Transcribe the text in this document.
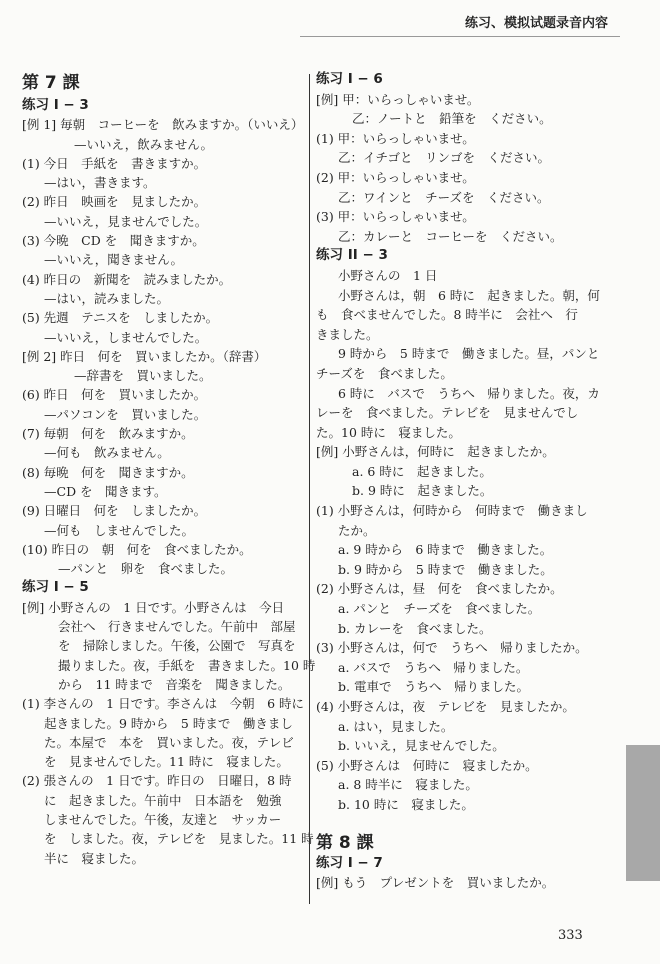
练习、模拟试题录音内容
第 7 課
练习 I − 3
[例 1] 毎朝　コーヒーを　飲みますか。（いいえ）
—いいえ，飲みません。
(1) 今日　手紙を　書きますか。
—はい，書きます。
(2) 昨日　映画を　見ましたか。
—いいえ，見ませんでした。
(3) 今晩　CD を　聞きますか。
—いいえ，聞きません。
(4) 昨日の　新聞を　読みましたか。
—はい，読みました。
(5) 先週　テニスを　しましたか。
—いいえ，しませんでした。
[例 2] 昨日　何を　買いましたか。（辞書）
—辞書を　買いました。
(6) 昨日　何を　買いましたか。
—パソコンを　買いました。
(7) 毎朝　何を　飲みますか。
—何も　飲みません。
(8) 毎晩　何を　聞きますか。
—CD を　聞きます。
(9) 日曜日　何を　しましたか。
—何も　しませんでした。
(10) 昨日の　朝　何を　食べましたか。
—パンと　卵を　食べました。
练习 I − 5
[例] 小野さんの　1 日です。小野さんは　今日
会社へ　行きませんでした。午前中　部屋
を　掃除しました。午後，公園で　写真を
撮りました。夜，手紙を　書きました。10 時
から　11 時まで　音楽を　聞きました。
(1) 李さんの　1 日です。李さんは　今朝　6 時に
起きました。9 時から　5 時まで　働きまし
た。本屋で　本を　買いました。夜，テレビ
を　見ませんでした。11 時に　寝ました。
(2) 張さんの　1 日です。昨日の　日曜日，8 時
に　起きました。午前中　日本語を　勉強
しませんでした。午後，友達と　サッカー
を　しました。夜，テレビを　見ました。11 時
半に　寝ました。
练习 I − 6
[例] 甲：いらっしゃいませ。
乙：ノートと　鉛筆を　ください。
(1) 甲：いらっしゃいませ。
乙：イチゴと　リンゴを　ください。
(2) 甲：いらっしゃいませ。
乙：ワインと　チーズを　ください。
(3) 甲：いらっしゃいませ。
乙：カレーと　コーヒーを　ください。
练习 II − 3
小野さんの　1 日
小野さんは，朝　6 時に　起きました。朝，何
も　食べませんでした。8 時半に　会社へ　行
きました。
9 時から　5 時まで　働きました。昼，パンと
チーズを　食べました。
6 時に　バスで　うちへ　帰りました。夜，カ
レーを　食べました。テレビを　見ませんでし
た。10 時に　寝ました。
[例] 小野さんは，何時に　起きましたか。
a. 6 時に　起きました。
b. 9 時に　起きました。
(1) 小野さんは，何時から　何時まで　働きまし
たか。
a. 9 時から　6 時まで　働きました。
b. 9 時から　5 時まで　働きました。
(2) 小野さんは，昼　何を　食べましたか。
a. パンと　チーズを　食べました。
b. カレーを　食べました。
(3) 小野さんは，何で　うちへ　帰りましたか。
a. バスで　うちへ　帰りました。
b. 電車で　うちへ　帰りました。
(4) 小野さんは，夜　テレビを　見ましたか。
a. はい，見ました。
b. いいえ，見ませんでした。
(5) 小野さんは　何時に　寝ましたか。
a. 8 時半に　寝ました。
b. 10 時に　寝ました。
第 8 課
练习 I − 7
[例] もう　プレゼントを　買いましたか。
333
